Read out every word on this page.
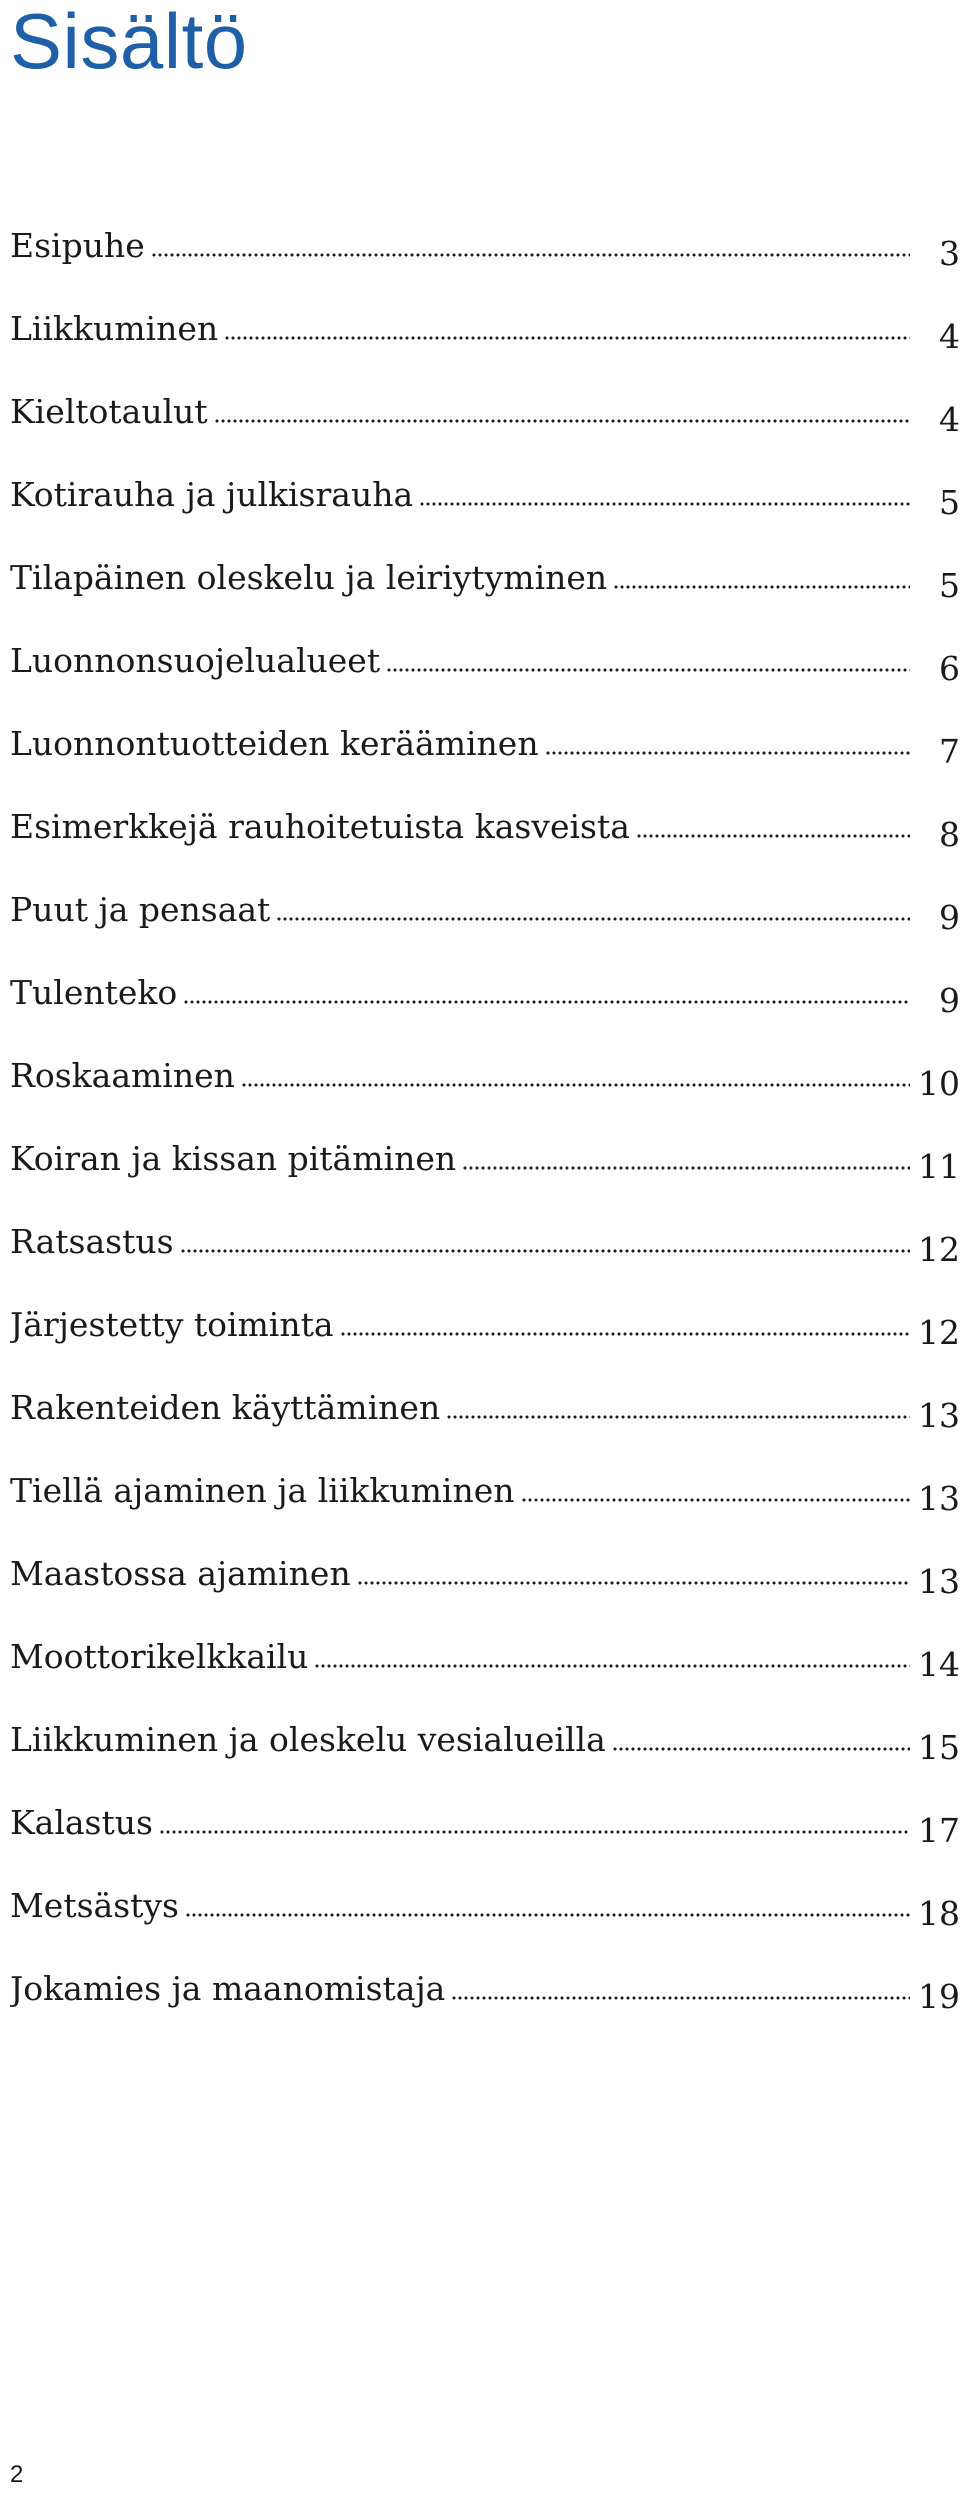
Sisältö
Esipuhe	3
Liikkuminen	4
Kieltotaulut	4
Kotirauha ja julkisrauha	5
Tilapäinen oleskelu ja leiriytyminen	5
Luonnonsuojelualueet	6
Luonnontuotteiden kerääminen	7
Esimerkkejä rauhoitetuista kasveista	8
Puut ja pensaat	9
Tulenteko	9
Roskaaminen	10
Koiran ja kissan pitäminen	11
Ratsastus	12
Järjestetty toiminta	12
Rakenteiden käyttäminen	13
Tiellä ajaminen ja liikkuminen	13
Maastossa ajaminen	13
Moottorikelkkailu	14
Liikkuminen ja oleskelu vesialueilla	15
Kalastus	17
Metsästys	18
Jokamies ja maanomistaja	19
2
